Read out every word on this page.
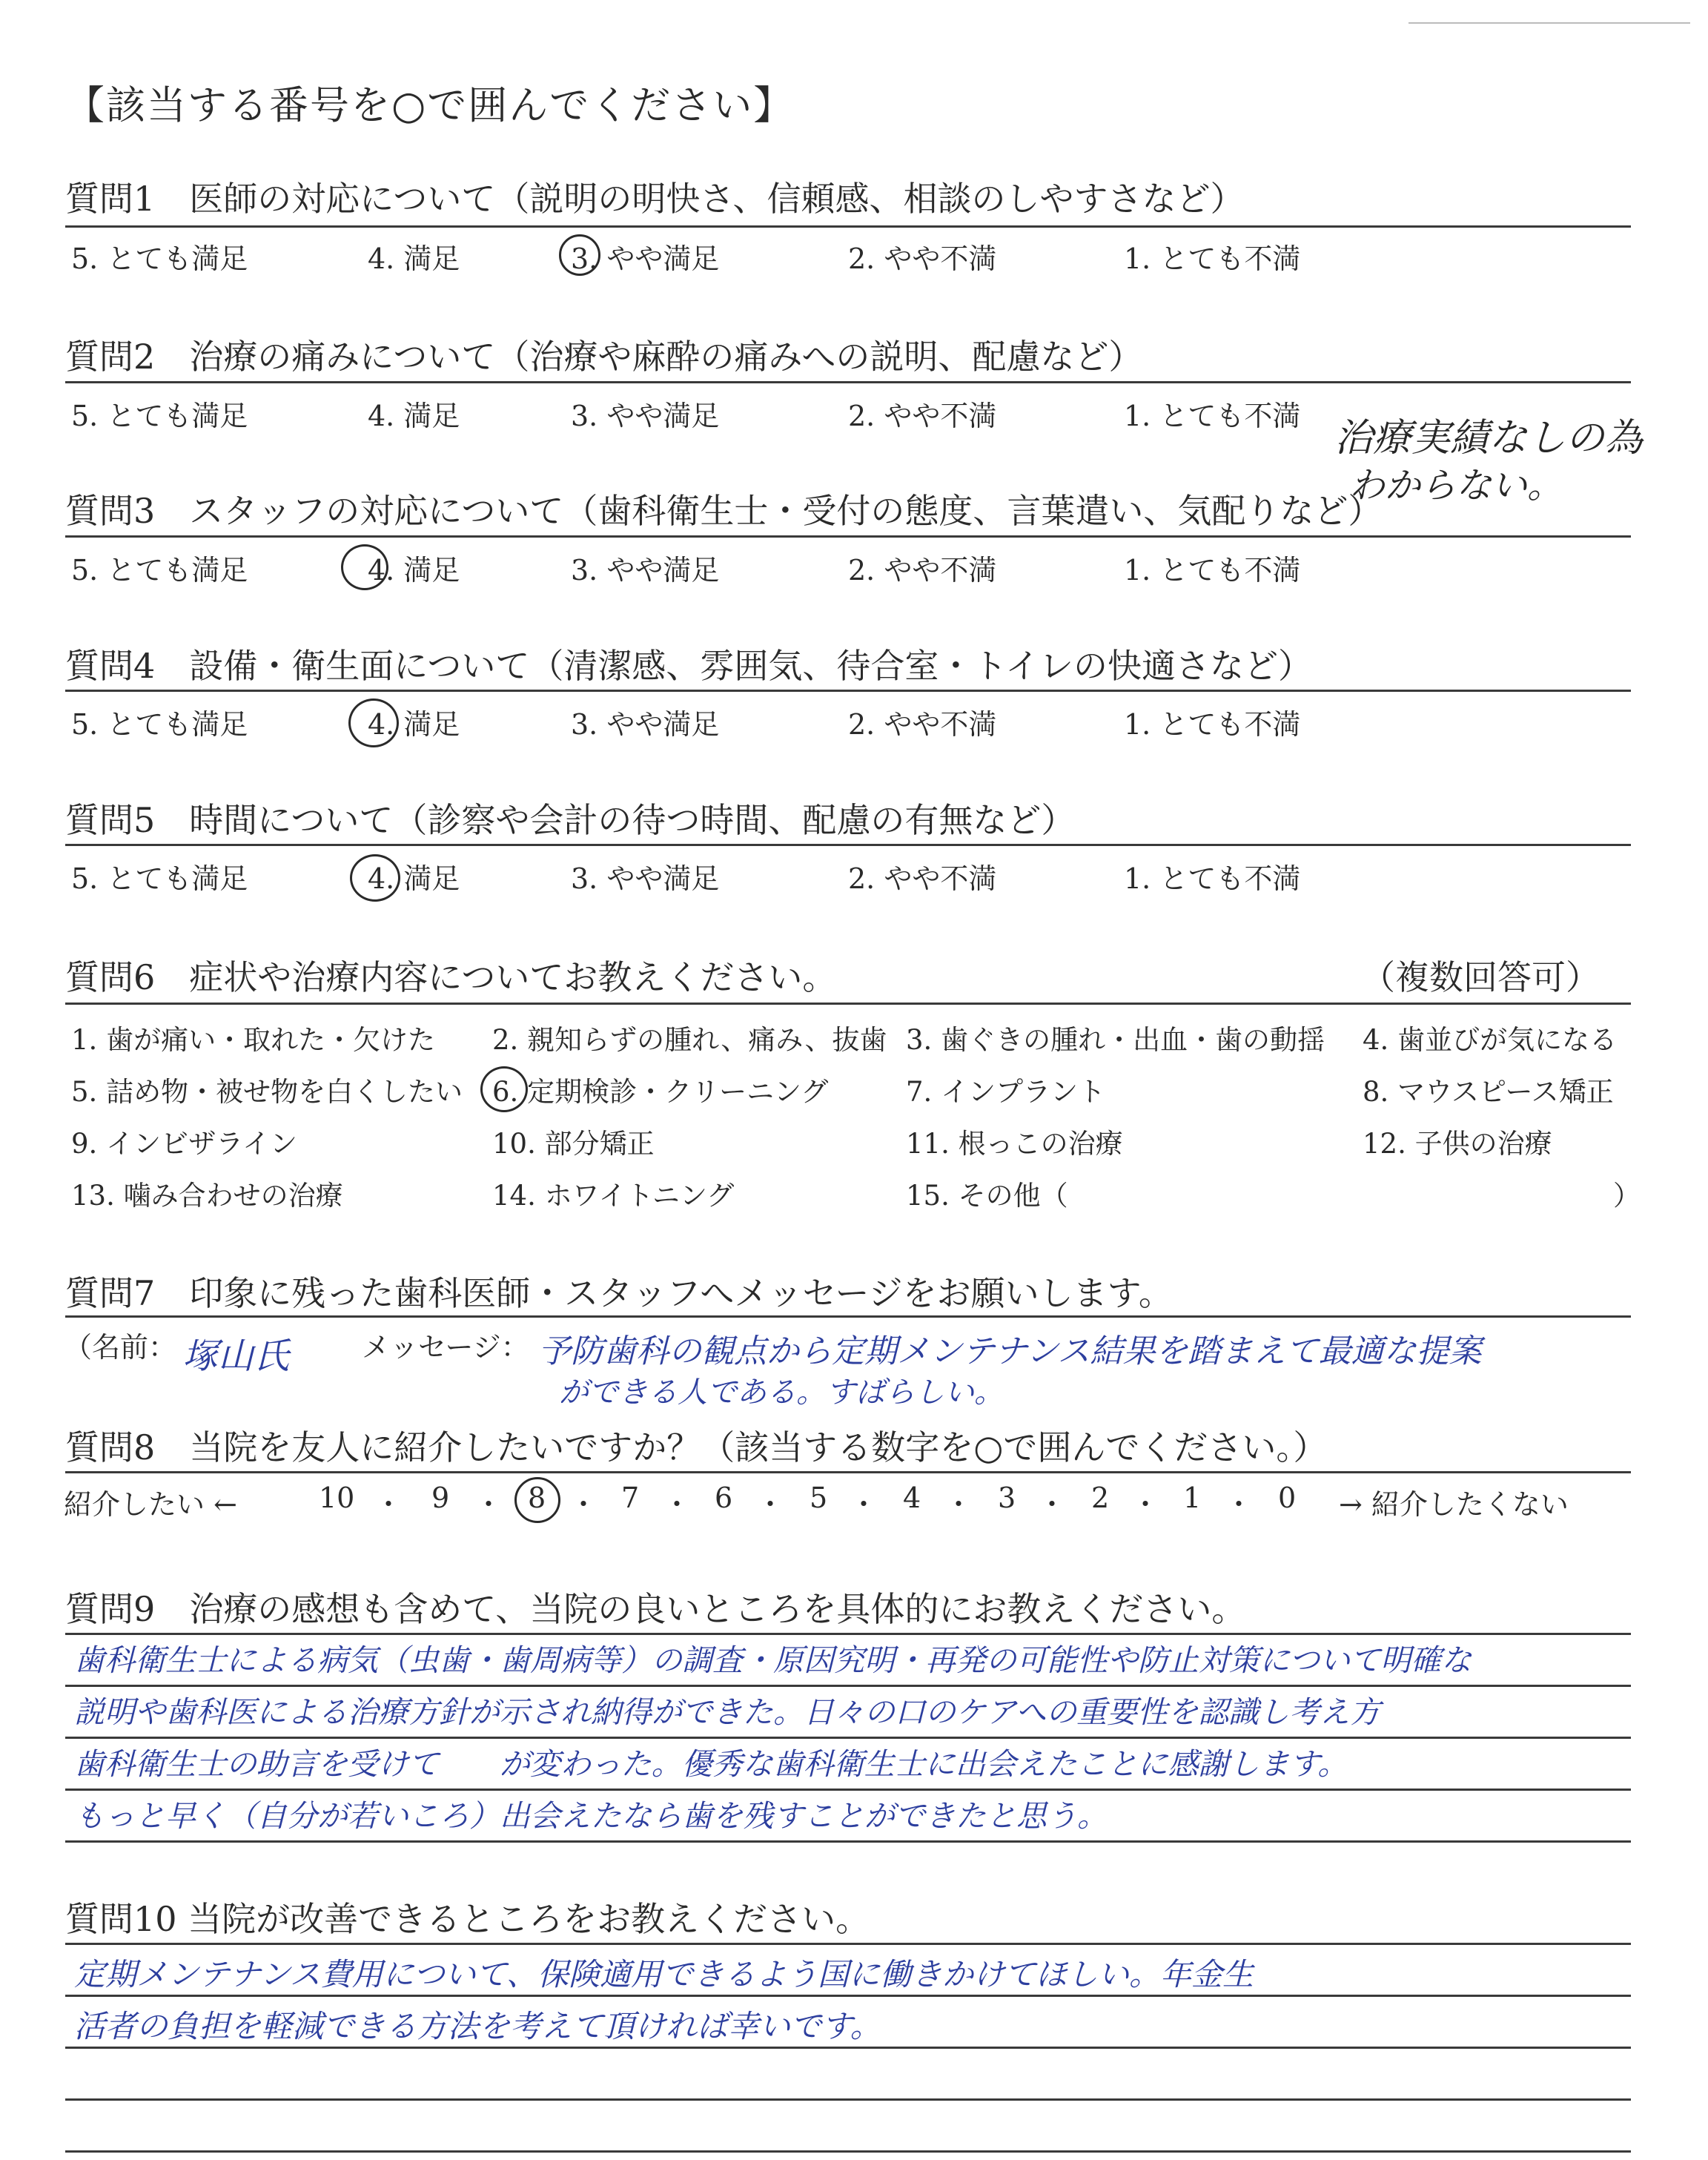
【該当する番号を○で囲んでください】
質問1　医師の対応について（説明の明快さ、信頼感、相談のしやすさなど）
5. とても満足	4. 満足	3. やや満足	2. やや不満	1. とても不満
質問2　治療の痛みについて（治療や麻酔の痛みへの説明、配慮など）
5. とても満足	4. 満足	3. やや満足	2. やや不満	1. とても不満 治療実績なしの為
わからない。
質問3　スタッフの対応について（歯科衛生士・受付の態度、言葉遣い、気配りなど）
5. とても満足	4. 満足	3. やや満足	2. やや不満	1. とても不満
質問4　設備・衛生面について（清潔感、雰囲気、待合室・トイレの快適さなど）
5. とても満足	4. 満足	3. やや満足	2. やや不満	1. とても不満
質問5　時間について（診察や会計の待つ時間、配慮の有無など）
5. とても満足	4. 満足	3. やや満足	2. やや不満	1. とても不満
質問6　症状や治療内容についてお教えください。	（複数回答可）
1. 歯が痛い・取れた・欠けた 2. 親知らずの腫れ、痛み、抜歯 3. 歯ぐきの腫れ・出血・歯の動揺 4. 歯並びが気になる
5. 詰め物・被せ物を白くしたい 6. 定期検診・クリーニング	7. インプラント	8. マウスピース矯正
9. インビザライン	10. 部分矯正	11. 根っこの治療	12. 子供の治療
13. 噛み合わせの治療	14. ホワイトニング	15. その他（	）
質問7　印象に残った歯科医師・スタッフへメッセージをお願いします。
（名前： 塚山氏	メッセージ： 予防歯科の観点から定期メンテナンス結果を踏まえて最適な提案
ができる人である。すばらしい。
質問8　当院を友人に紹介したいですか？（該当する数字を○で囲んでください。）
紹介したい ←	10 ・ 9 ・ 8 ・ 7 ・ 6 ・ 5 ・ 4 ・ 3 ・ 2 ・ 1 ・ 0 → 紹介したくない
質問9　治療の感想も含めて、当院の良いところを具体的にお教えください。
歯科衛生士による病気（虫歯・歯周病等）の調査・原因究明・再発の可能性や防止対策について明確な
説明や歯科医による治療方針が示され納得ができた。日々の口のケアへの重要性を認識し考え方
歯科衛生士の助言を受けて　　が変わった。優秀な歯科衛生士に出会えたことに感謝します。
もっと早く（自分が若いころ）出会えたなら歯を残すことができたと思う。
質問10 当院が改善できるところをお教えください。
定期メンテナンス費用について、保険適用できるよう国に働きかけてほしい。年金生
活者の負担を軽減できる方法を考えて頂ければ幸いです。
